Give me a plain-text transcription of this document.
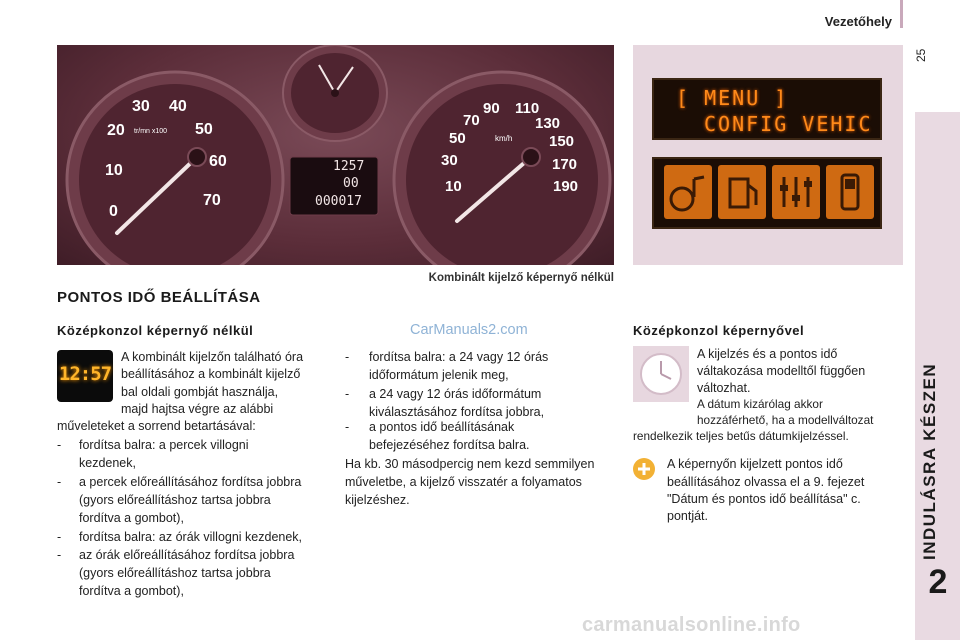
Vezetőhely
25
INDULÁSRA KÉSZEN
2
0
10
20
30 40
50
60
70
tr/mn x100
1257
00
000017
10
30
50
70
90 110
130
150
170
190
km/h
Kombinált kijelző képernyő nélkül
[ MENU ]
CONFIG VEHIC
PONTOS IDŐ BEÁLLÍTÁSA
Középkonzol képernyő nélkül
12:57
A kombinált kijelzőn található óra
beállításához a kombinált kijelző
bal oldali gombját használja,
majd hajtsa végre az alábbi
műveleteket a sorrend betartásával:
- fordítsa balra: a percek villogni
kezdenek,
- a percek előreállításához fordítsa jobbra
(gyors előreállításhoz tartsa jobbra
fordítva a gombot),
- fordítsa balra: az órák villogni kezdenek,
- az órák előreállításához fordítsa jobbra
(gyors előreállításhoz tartsa jobbra
fordítva a gombot),
CarManuals2.com
- fordítsa balra: a 24 vagy 12 órás
időformátum jelenik meg,
- a 24 vagy 12 órás időformátum
kiválasztásához fordítsa jobbra,
- a pontos idő beállításának
befejezéséhez fordítsa balra.
Ha kb. 30 másodpercig nem kezd semmilyen
műveletbe, a kijelző visszatér a folyamatos
kijelzéshez.
Középkonzol képernyővel
A kijelzés és a pontos idő
váltakozása modelltől függően
változhat.
A dátum kizárólag akkor
hozzáférhető, ha a modellváltozat
rendelkezik teljes betűs dátumkijelzéssel.
A képernyőn kijelzett pontos idő
beállításához olvassa el a 9. fejezet
"Dátum és pontos idő beállítása" c.
pontját.
carmanualsonline.info
